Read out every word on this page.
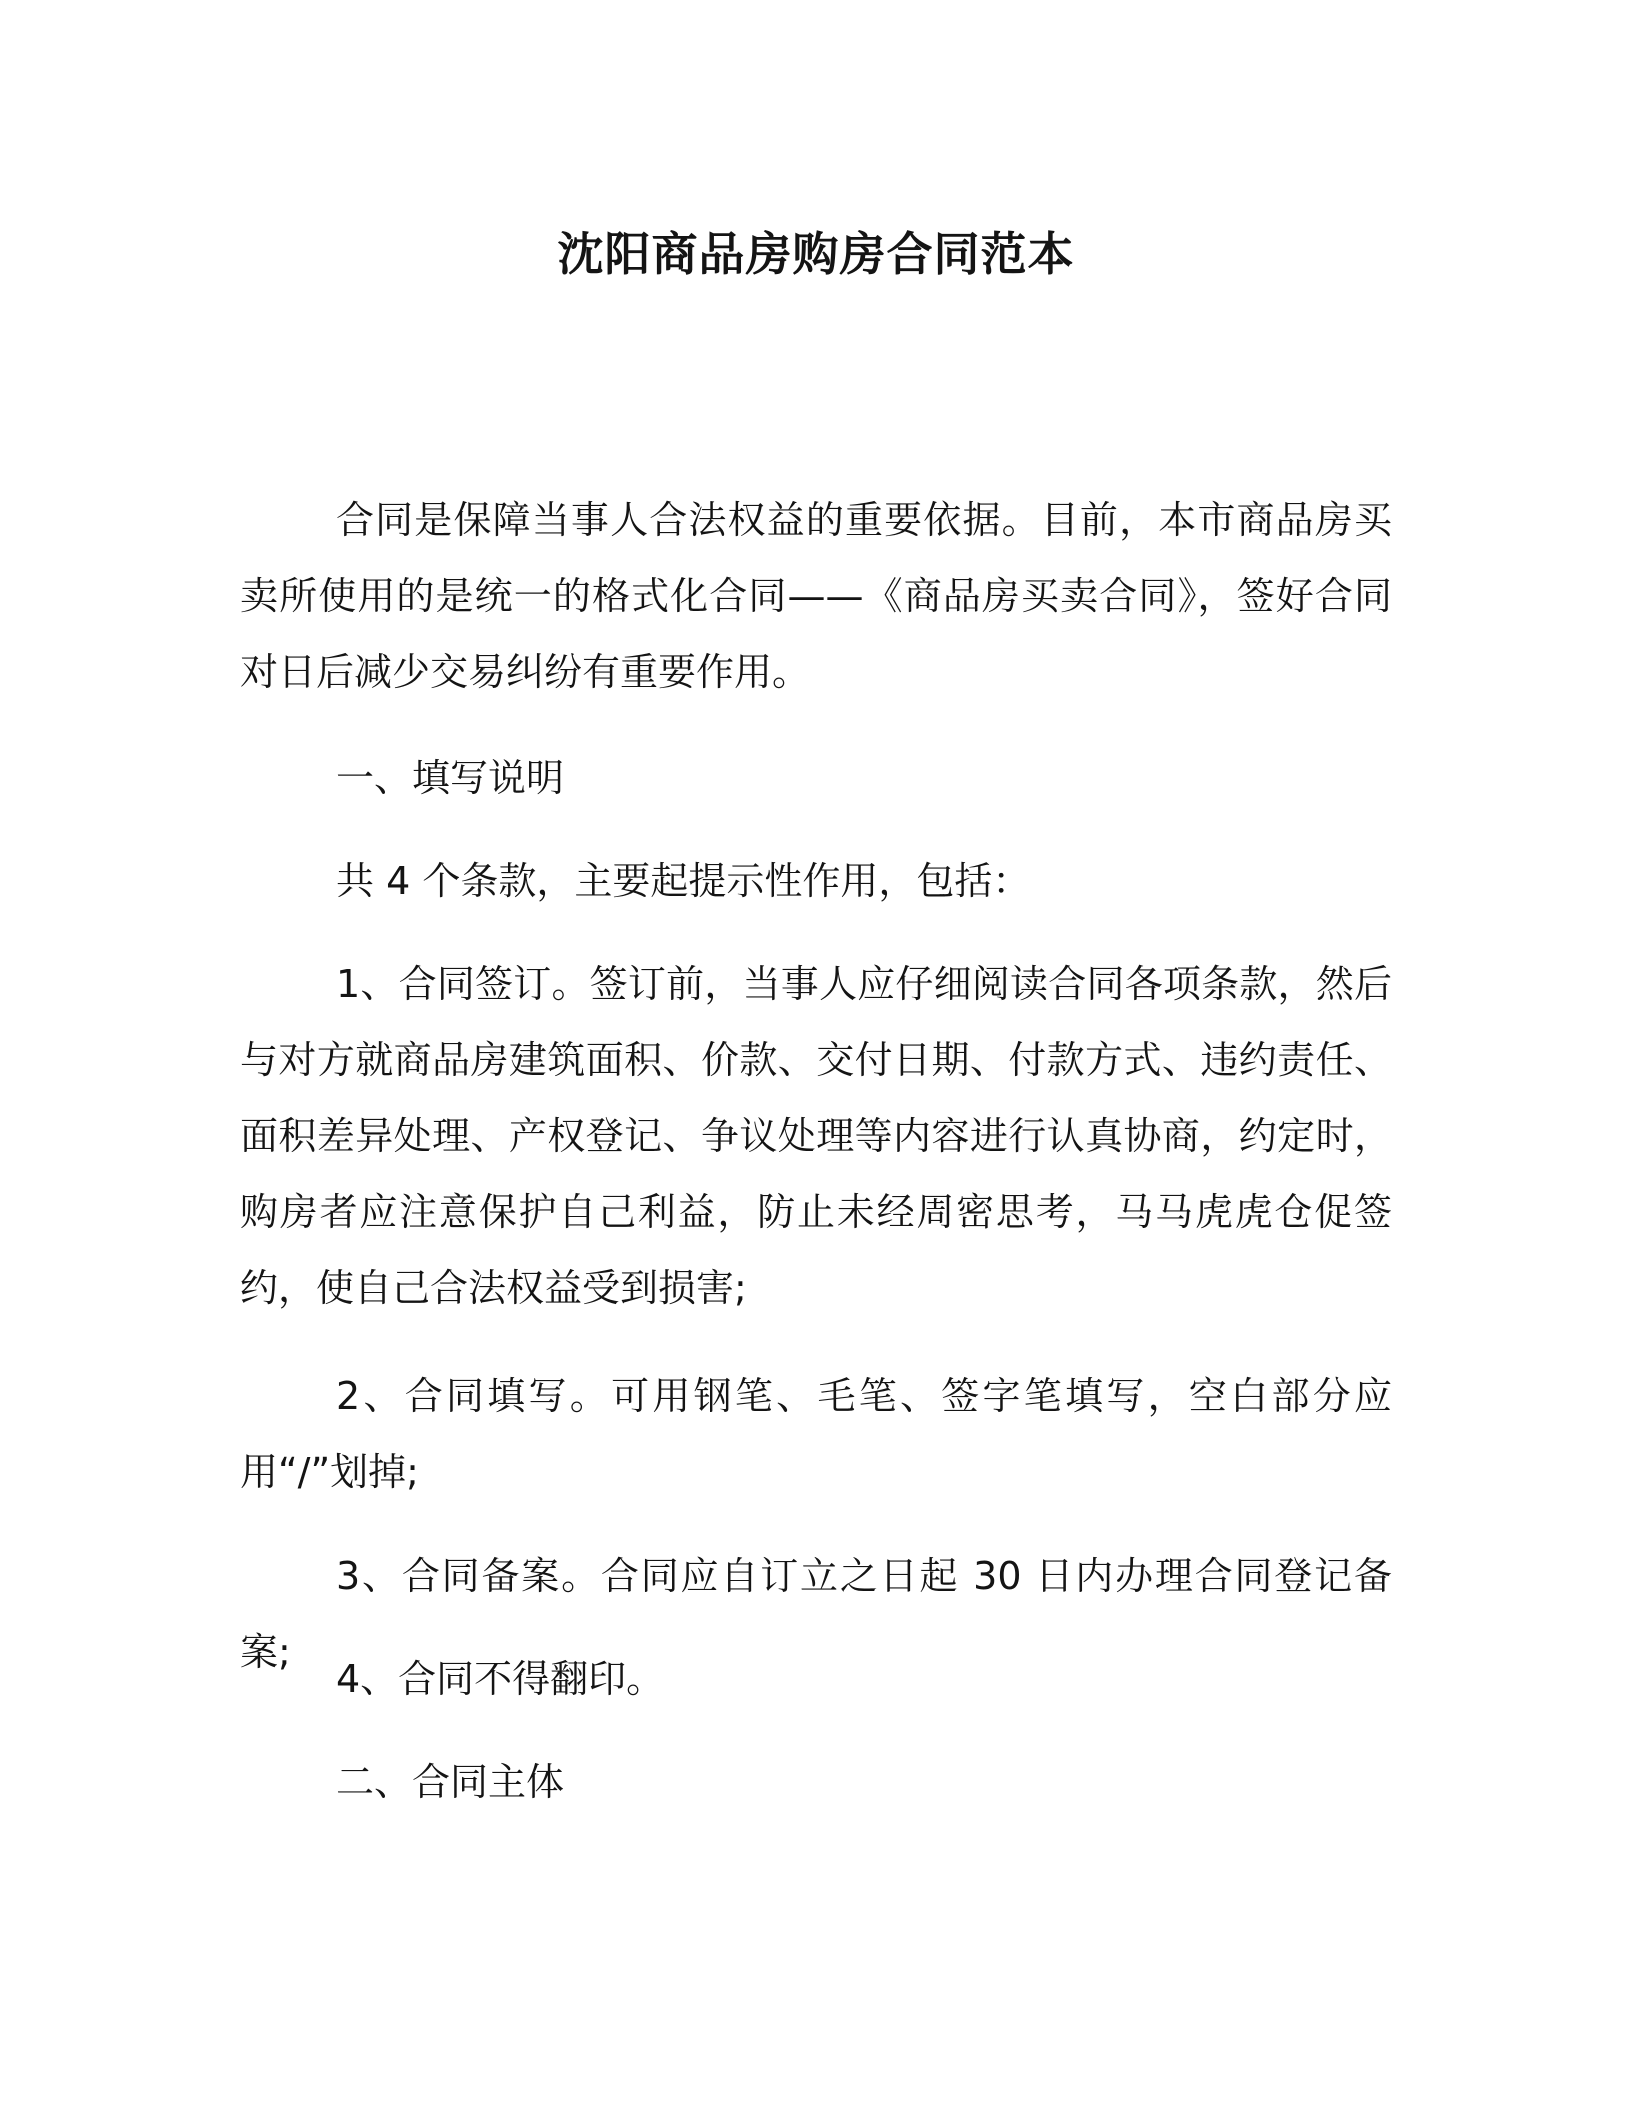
沈阳商品房购房合同范本

合同是保障当事人合法权益的重要依据。目前，本市商品房买卖所使用的是统一的格式化合同——《商品房买卖合同》，签好合同对日后减少交易纠纷有重要作用。

一、填写说明

共 4 个条款，主要起提示性作用，包括：

1、合同签订。签订前，当事人应仔细阅读合同各项条款，然后与对方就商品房建筑面积、价款、交付日期、付款方式、违约责任、面积差异处理、产权登记、争议处理等内容进行认真协商，约定时，购房者应注意保护自己利益，防止未经周密思考，马马虎虎仓促签约，使自己合法权益受到损害;

2、合同填写。可用钢笔、毛笔、签字笔填写，空白部分应用“/”划掉;

3、合同备案。合同应自订立之日起 30 日内办理合同登记备案;

4、合同不得翻印。

二、合同主体
